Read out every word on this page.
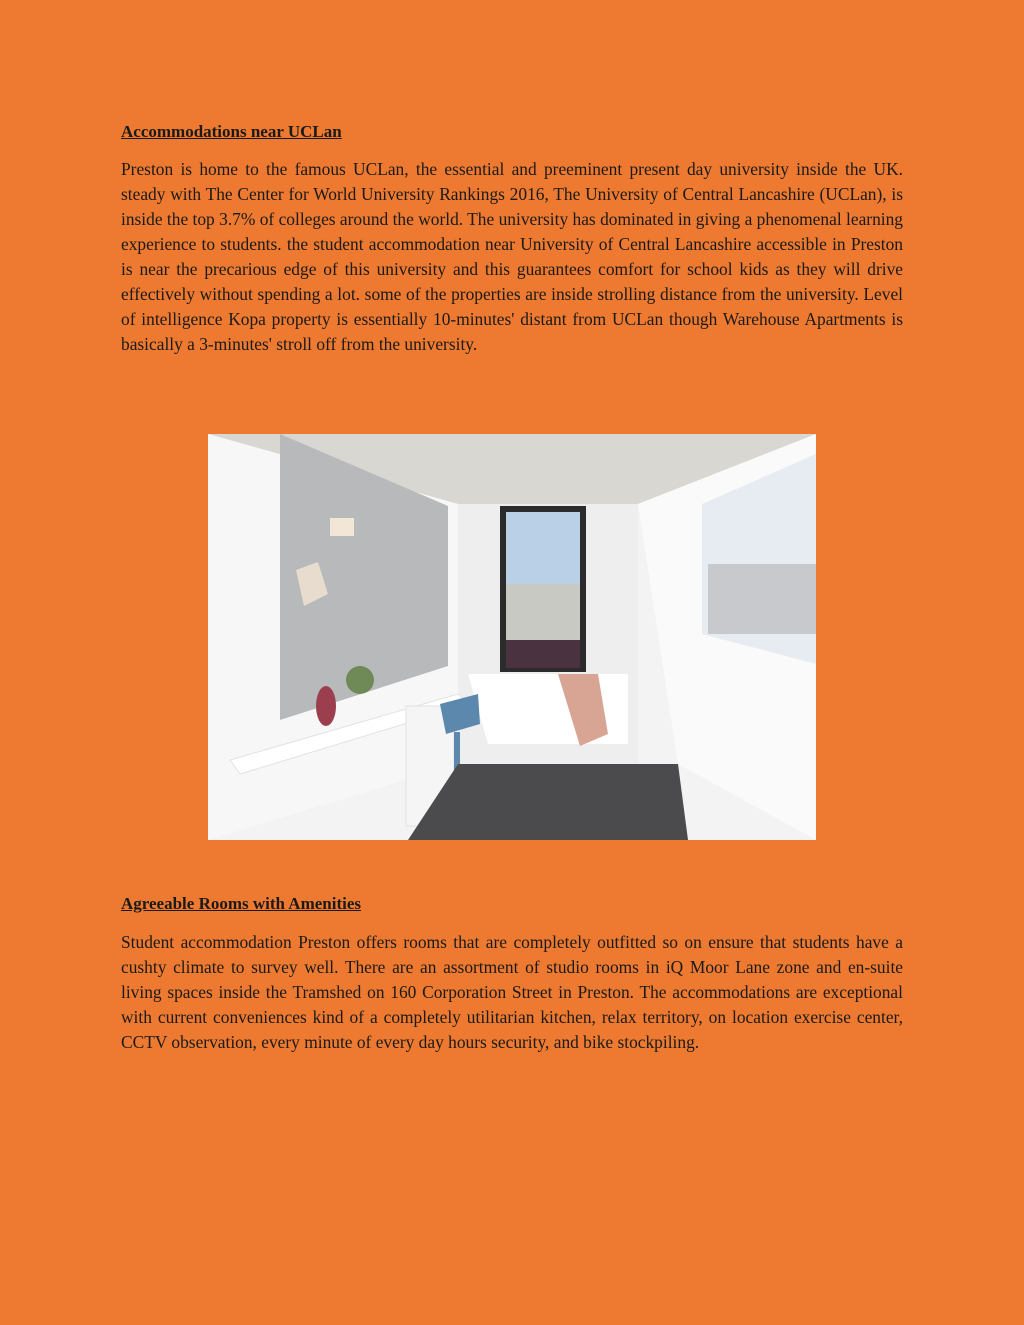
Accommodations near UCLan

Preston is home to the famous UCLan, the essential and preeminent present day university inside the UK. steady with The Center for World University Rankings 2016, The University of Central Lancashire (UCLan), is inside the top 3.7% of colleges around the world. The university has dominated in giving a phenomenal learning experience to students. the student accommodation near University of Central Lancashire accessible in Preston is near the precarious edge of this university and this guarantees comfort for school kids as they will drive effectively without spending a lot. some of the properties are inside strolling distance from the university. Level of intelligence Kopa property is essentially 10-minutes' distant from UCLan though Warehouse Apartments is basically a 3-minutes' stroll off from the university.

Agreeable Rooms with Amenities

Student accommodation Preston offers rooms that are completely outfitted so on ensure that students have a cushty climate to survey well. There are an assortment of studio rooms in iQ Moor Lane zone and en-suite living spaces inside the Tramshed on 160 Corporation Street in Preston. The accommodations are exceptional with current conveniences kind of a completely utilitarian kitchen, relax territory, on location exercise center, CCTV observation, every minute of every day hours security, and bike stockpiling.
